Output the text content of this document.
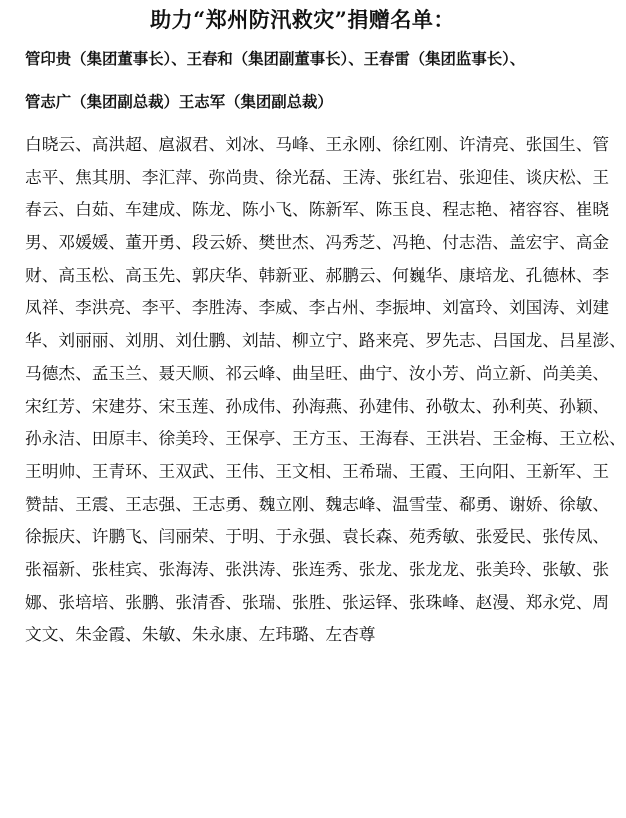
助力“郑州防汛救灾”捐赠名单：
管印贵（集团董事长）、王春和（集团副董事长）、王春雷（集团监事长）、
管志广（集团副总裁）王志军（集团副总裁）
白 晓 云 、 高 洪 超 、 扈 淑 君 、 刘 冰 、 马 峰 、 王 永 刚 、 徐 红 刚 、 许 清 亮 、 张 国 生 、 管
志 平 、 焦 其 朋 、 李 汇 萍 、 弥 尚 贵 、 徐 光 磊 、 王 涛 、 张 红 岩 、 张 迎 佳 、 谈 庆 松 、 王
春 云 、 白 茹 、 车 建 成 、 陈 龙 、 陈 小 飞 、 陈 新 军 、 陈 玉 良 、 程 志 艳 、 褚 容 容 、 崔 晓
男 、 邓 媛 媛 、 董 开 勇 、 段 云 娇 、 樊 世 杰 、 冯 秀 芝 、 冯 艳 、 付 志 浩 、 盖 宏 宇 、 高 金
财 、 高 玉 松 、 高 玉 先 、 郭 庆 华 、 韩 新 亚 、 郝 鹏 云 、 何 巍 华 、 康 培 龙 、 孔 德 林 、 李
凤 祥 、 李 洪 亮 、 李 平 、 李 胜 涛 、 李 威 、 李 占 州 、 李 振 坤 、 刘 富 玲 、 刘 国 涛 、 刘 建
华 、 刘 丽 丽 、 刘 朋 、 刘 仕 鹏 、 刘 喆 、 柳 立 宁 、 路 来 亮 、 罗 先 志 、 吕 国 龙 、 吕 星 澎 、
马 德 杰 、 孟 玉 兰 、 聂 天 顺 、 祁 云 峰 、 曲 呈 旺 、 曲 宁 、 汝 小 芳 、 尚 立 新 、 尚 美 美 、
宋 红 芳 、 宋 建 芬 、 宋 玉 莲 、 孙 成 伟 、 孙 海 燕 、 孙 建 伟 、 孙 敬 太 、 孙 利 英 、 孙 颖 、
孙 永 洁 、 田 原 丰 、 徐 美 玲 、 王 保 亭 、 王 方 玉 、 王 海 春 、 王 洪 岩 、 王 金 梅 、 王 立 松 、
王 明 帅 、 王 青 环 、 王 双 武 、 王 伟 、 王 文 相 、 王 希 瑞 、 王 霞 、 王 向 阳 、 王 新 军 、 王
赞 喆 、 王 震 、 王 志 强 、 王 志 勇 、 魏 立 刚 、 魏 志 峰 、 温 雪 莹 、 郗 勇 、 谢 娇 、 徐 敏 、
徐 振 庆 、 许 鹏 飞 、 闫 丽 荣 、 于 明 、 于 永 强 、 袁 长 森 、 苑 秀 敏 、 张 爱 民 、 张 传 凤 、
张 福 新 、 张 桂 宾 、 张 海 涛 、 张 洪 涛 、 张 连 秀 、 张 龙 、 张 龙 龙 、 张 美 玲 、 张 敏 、 张
娜 、 张 培 培 、 张 鹏 、 张 清 香 、 张 瑞 、 张 胜 、 张 运 铎 、 张 珠 峰 、 赵 漫 、 郑 永 党 、 周
文 文 、 朱 金 霞 、 朱 敏 、 朱 永 康 、 左 玮 璐 、 左 杏 尊
